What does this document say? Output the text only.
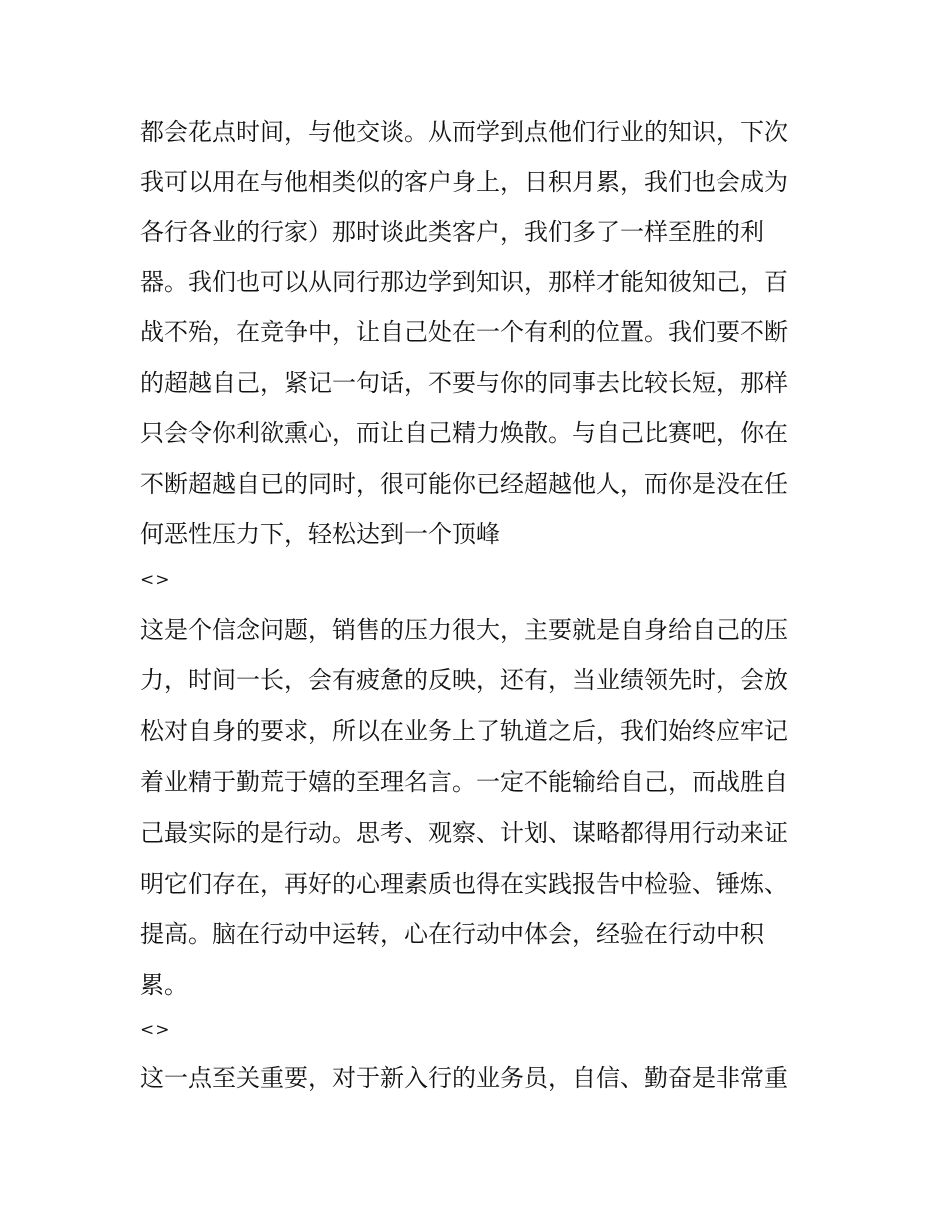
都会花点时间，与他交谈。从而学到点他们行业的知识，下次
我可以用在与他相类似的客户身上，日积月累，我们也会成为
各行各业的行家）那时谈此类客户，我们多了一样至胜的利
器。我们也可以从同行那边学到知识，那样才能知彼知己，百
战不殆，在竞争中，让自己处在一个有利的位置。我们要不断
的超越自己，紧记一句话，不要与你的同事去比较长短，那样
只会令你利欲熏心，而让自己精力焕散。与自己比赛吧，你在
不断超越自已的同时，很可能你已经超越他人，而你是没在任
何恶性压力下，轻松达到一个顶峰
<>
这是个信念问题，销售的压力很大，主要就是自身给自己的压
力，时间一长，会有疲惫的反映，还有，当业绩领先时，会放
松对自身的要求，所以在业务上了轨道之后，我们始终应牢记
着业精于勤荒于嬉的至理名言。一定不能输给自己，而战胜自
己最实际的是行动。思考、观察、计划、谋略都得用行动来证
明它们存在，再好的心理素质也得在实践报告中检验、锤炼、
提高。脑在行动中运转，心在行动中体会，经验在行动中积
累。
<>
这一点至关重要，对于新入行的业务员，自信、勤奋是非常重
